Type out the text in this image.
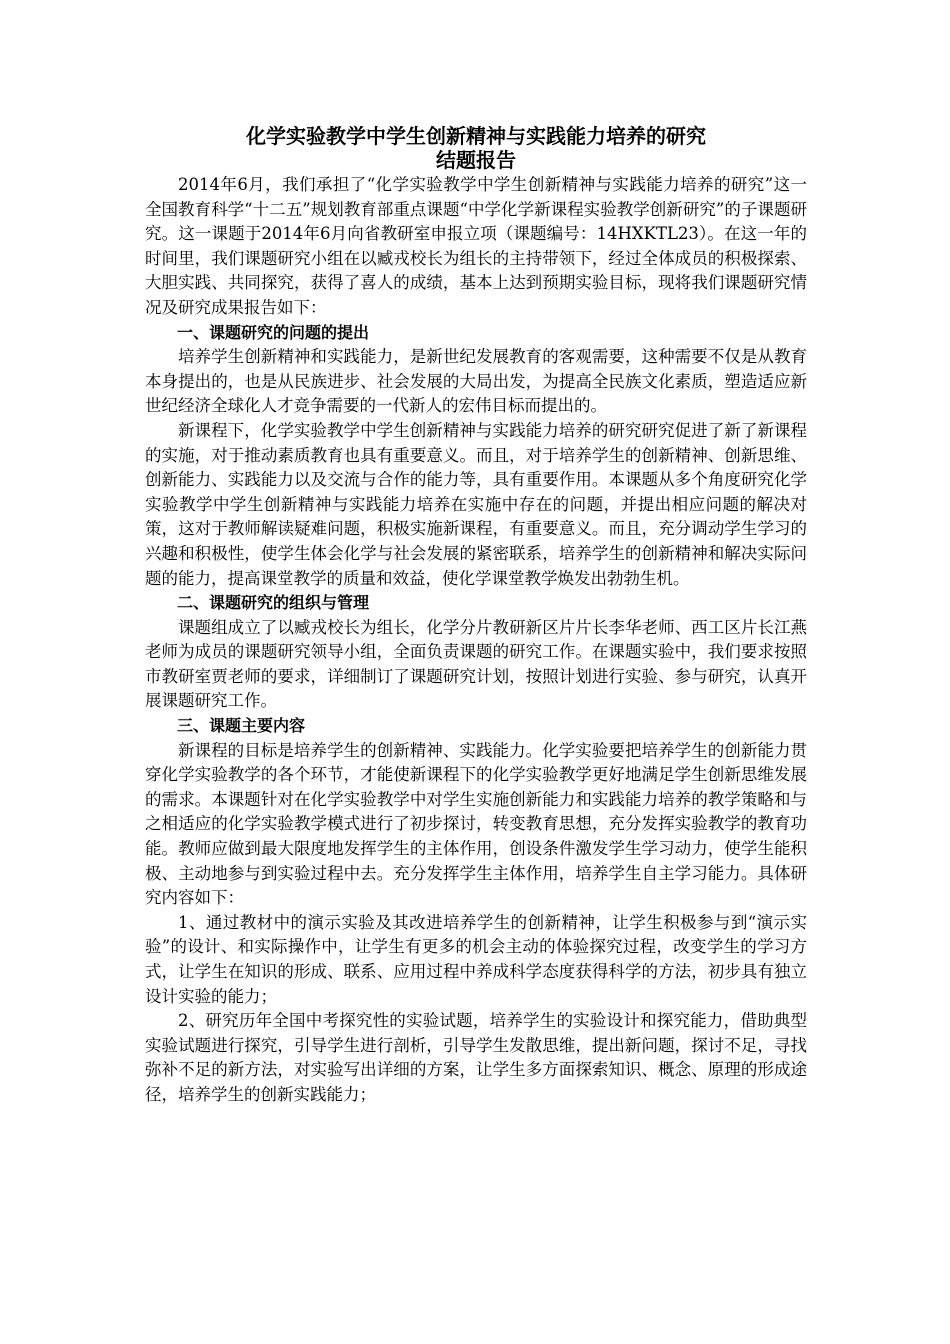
化学实验教学中学生创新精神与实践能力培养的研究
结题报告

2014年6月，我们承担了“化学实验教学中学生创新精神与实践能力培养的研究”这一全国教育科学“十二五”规划教育部重点课题“中学化学新课程实验教学创新研究”的子课题研究。这一课题于2014年6月向省教研室申报立项（课题编号：14HXKTL23）。在这一年的时间里，我们课题研究小组在以臧戎校长为组长的主持带领下，经过全体成员的积极探索、大胆实践、共同探究，获得了喜人的成绩，基本上达到预期实验目标，现将我们课题研究情况及研究成果报告如下：

一、课题研究的问题的提出

培养学生创新精神和实践能力，是新世纪发展教育的客观需要，这种需要不仅是从教育本身提出的，也是从民族进步、社会发展的大局出发，为提高全民族文化素质，塑造适应新世纪经济全球化人才竞争需要的一代新人的宏伟目标而提出的。

新课程下，化学实验教学中学生创新精神与实践能力培养的研究研究促进了新了新课程的实施，对于推动素质教育也具有重要意义。而且，对于培养学生的创新精神、创新思维、创新能力、实践能力以及交流与合作的能力等，具有重要作用。本课题从多个角度研究化学实验教学中学生创新精神与实践能力培养在实施中存在的问题，并提出相应问题的解决对策，这对于教师解读疑难问题，积极实施新课程，有重要意义。而且，充分调动学生学习的兴趣和积极性，使学生体会化学与社会发展的紧密联系，培养学生的创新精神和解决实际问题的能力，提高课堂教学的质量和效益，使化学课堂教学焕发出勃勃生机。

二、课题研究的组织与管理

课题组成立了以臧戎校长为组长，化学分片教研新区片片长李华老师、西工区片长江燕老师为成员的课题研究领导小组，全面负责课题的研究工作。在课题实验中，我们要求按照市教研室贾老师的要求，详细制订了课题研究计划，按照计划进行实验、参与研究，认真开展课题研究工作。

三、课题主要内容

新课程的目标是培养学生的创新精神、实践能力。化学实验要把培养学生的创新能力贯穿化学实验教学的各个环节，才能使新课程下的化学实验教学更好地满足学生创新思维发展的需求。本课题针对在化学实验教学中对学生实施创新能力和实践能力培养的教学策略和与之相适应的化学实验教学模式进行了初步探讨，转变教育思想，充分发挥实验教学的教育功能。教师应做到最大限度地发挥学生的主体作用，创设条件激发学生学习动力，使学生能积极、主动地参与到实验过程中去。充分发挥学生主体作用，培养学生自主学习能力。具体研究内容如下：

1、通过教材中的演示实验及其改进培养学生的创新精神，让学生积极参与到“演示实验”的设计、和实际操作中，让学生有更多的机会主动的体验探究过程，改变学生的学习方式，让学生在知识的形成、联系、应用过程中养成科学态度获得科学的方法，初步具有独立设计实验的能力；

2、研究历年全国中考探究性的实验试题，培养学生的实验设计和探究能力，借助典型实验试题进行探究，引导学生进行剖析，引导学生发散思维，提出新问题，探讨不足，寻找弥补不足的新方法，对实验写出详细的方案，让学生多方面探索知识、概念、原理的形成途径，培养学生的创新实践能力；
